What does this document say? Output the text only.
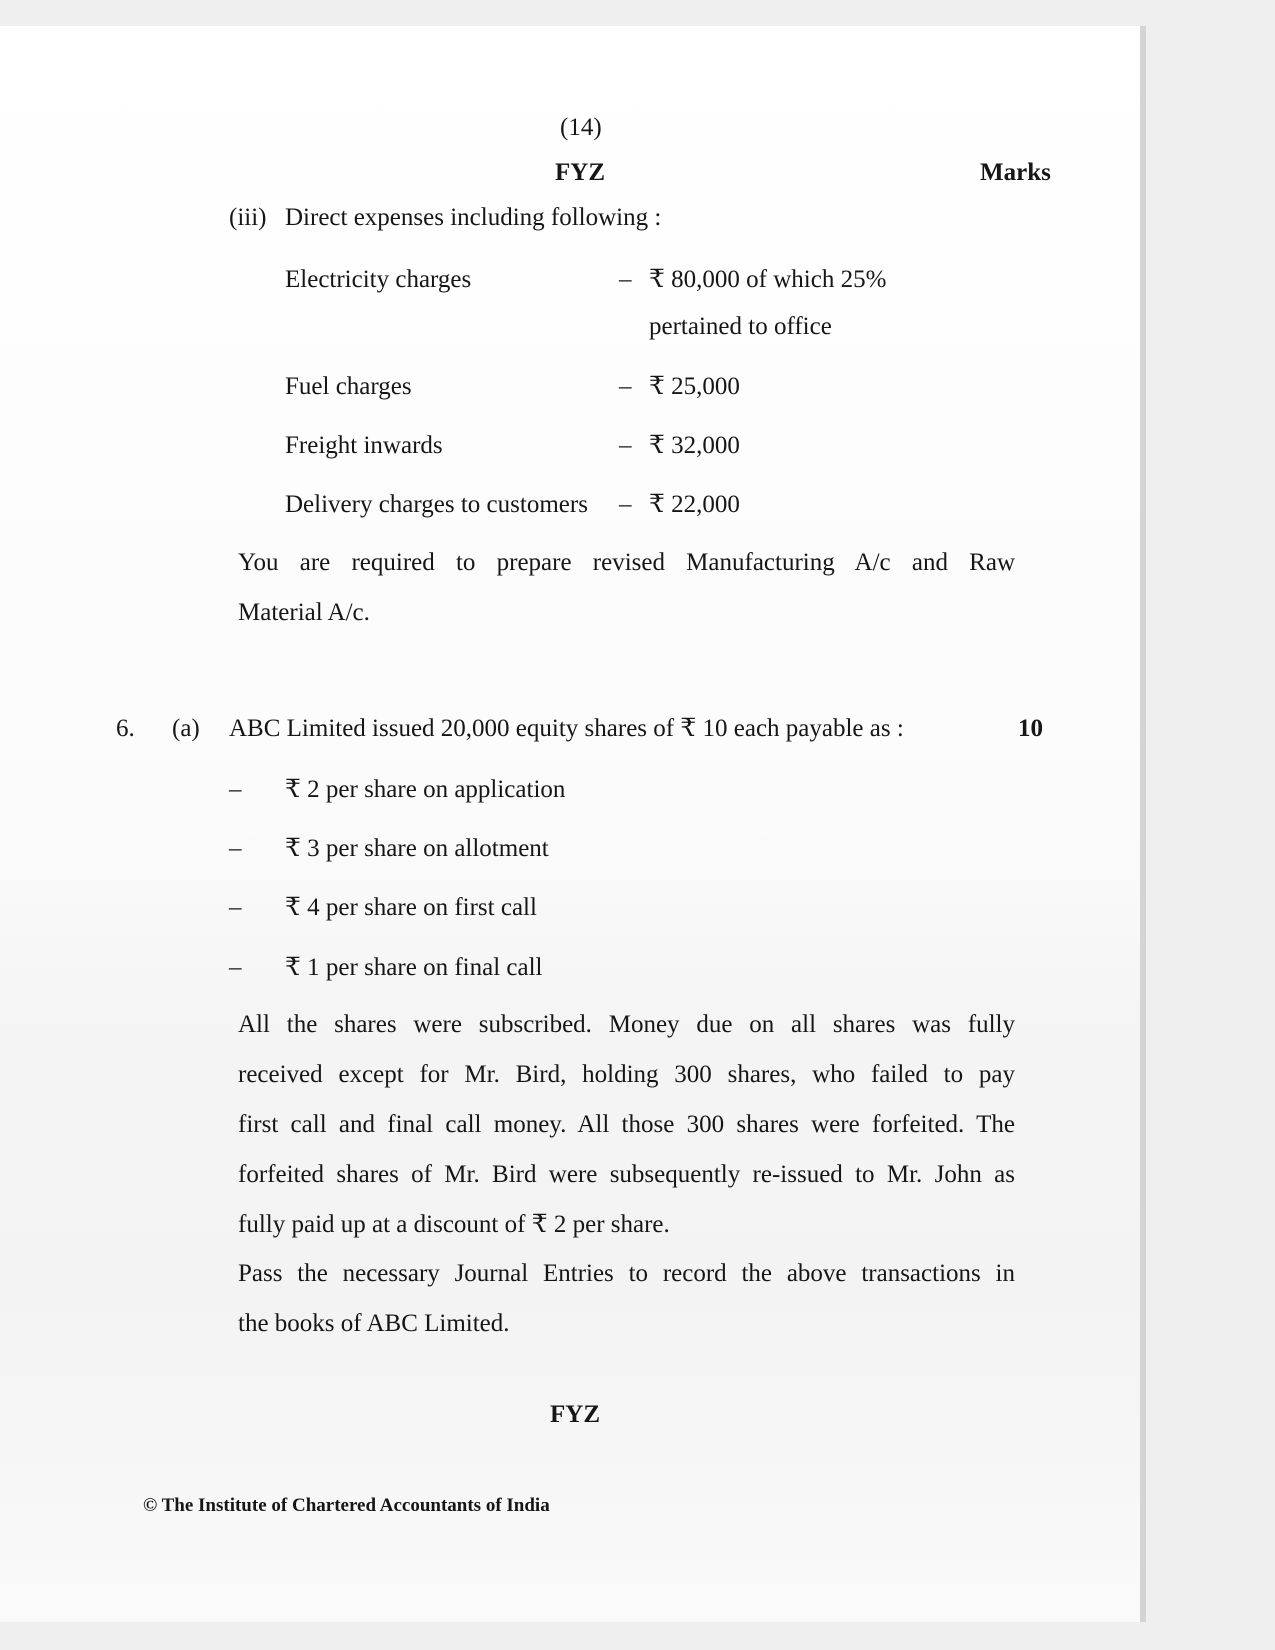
(14)
FYZ	Marks
(iii) Direct expenses including following :
Electricity charges	– ₹ 80,000 of which 25%
pertained to office
Fuel charges	– ₹ 25,000
Freight inwards	– ₹ 32,000
Delivery charges to customers – ₹ 22,000
You are required to prepare revised Manufacturing A/c and Raw
Material A/c.
6. (a) ABC Limited issued 20,000 equity shares of ₹ 10 each payable as :	10
– ₹ 2 per share on application
– ₹ 3 per share on allotment
– ₹ 4 per share on first call
– ₹ 1 per share on final call
All the shares were subscribed. Money due on all shares was fully
received except for Mr. Bird, holding 300 shares, who failed to pay
first call and final call money. All those 300 shares were forfeited. The
forfeited shares of Mr. Bird were subsequently re-issued to Mr. John as
fully paid up at a discount of ₹ 2 per share.
Pass the necessary Journal Entries to record the above transactions in
the books of ABC Limited.
FYZ
© The Institute of Chartered Accountants of India
